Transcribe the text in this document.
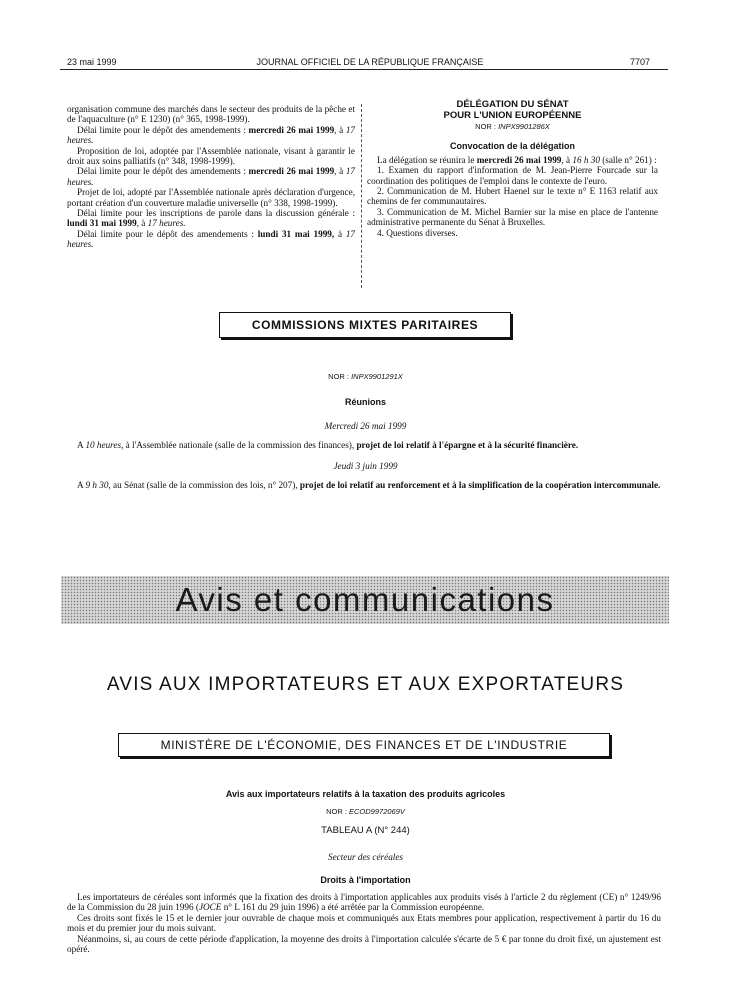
23 mai 1999	JOURNAL OFFICIEL DE LA RÉPUBLIQUE FRANÇAISE	7707

organisation commune des marchés dans le secteur des produits de la pêche et de l'aquaculture (n° E 1230) (n° 365, 1998-1999).

Délai limite pour le dépôt des amendements : mercredi 26 mai 1999, à 17 heures.

Proposition de loi, adoptée par l'Assemblée nationale, visant à garantir le droit aux soins palliatifs (n° 348, 1998-1999).

Délai limite pour le dépôt des amendements : mercredi 26 mai 1999, à 17 heures.

Projet de loi, adopté par l'Assemblée nationale après déclaration d'urgence, portant création d'un couverture maladie universelle (n° 338, 1998-1999).

Délai limite pour les inscriptions de parole dans la discussion générale : lundi 31 mai 1999, à 17 heures.

Délai limite pour le dépôt des amendements : lundi 31 mai 1999, à 17 heures.

DÉLÉGATION DU SÉNAT
POUR L'UNION EUROPÉENNE

NOR : INPX9901286X

Convocation de la délégation

La délégation se réunira le mercredi 26 mai 1999, à 16 h 30 (salle n° 261) :

1. Examen du rapport d'information de M. Jean-Pierre Fourcade sur la coordination des politiques de l'emploi dans le contexte de l'euro.

2. Communication de M. Hubert Haenel sur le texte n° E 1163 relatif aux chemins de fer communautaires.

3. Communication de M. Michel Barnier sur la mise en place de l'antenne administrative permanente du Sénat à Bruxelles.

4. Questions diverses.

COMMISSIONS MIXTES PARITAIRES
NOR : INPX9901291X
Réunions
Mercredi 26 mai 1999
A 10 heures, à l'Assemblée nationale (salle de la commission des finances), projet de loi relatif à l'épargne et à la sécurité financière.
Jeudi 3 juin 1999
A 9 h 30, au Sénat (salle de la commission des lois, n° 207), projet de loi relatif au renforcement et à la simplification de la coopération intercommunale.
Avis et communications
AVIS AUX IMPORTATEURS ET AUX EXPORTATEURS
MINISTÈRE DE L'ÉCONOMIE, DES FINANCES ET DE L'INDUSTRIE
Avis aux importateurs relatifs à la taxation des produits agricoles
NOR : ECOD9972069V
TABLEAU A (N° 244)
Secteur des céréales
Droits à l'importation

Les importateurs de céréales sont informés que la fixation des droits à l'importation applicables aux produits visés à l'article 2 du règlement (CE) n° 1249/96 de la Commission du 28 juin 1996 (JOCE n° L 161 du 29 juin 1996) a été arrêtée par la Commission européenne.

Ces droits sont fixés le 15 et le dernier jour ouvrable de chaque mois et communiqués aux Etats membres pour application, respectivement à partir du 16 du mois et du premier jour du mois suivant.

Néanmoins, si, au cours de cette période d'application, la moyenne des droits à l'importation calculée s'écarte de 5 € par tonne du droit fixé, un ajustement est opéré.
